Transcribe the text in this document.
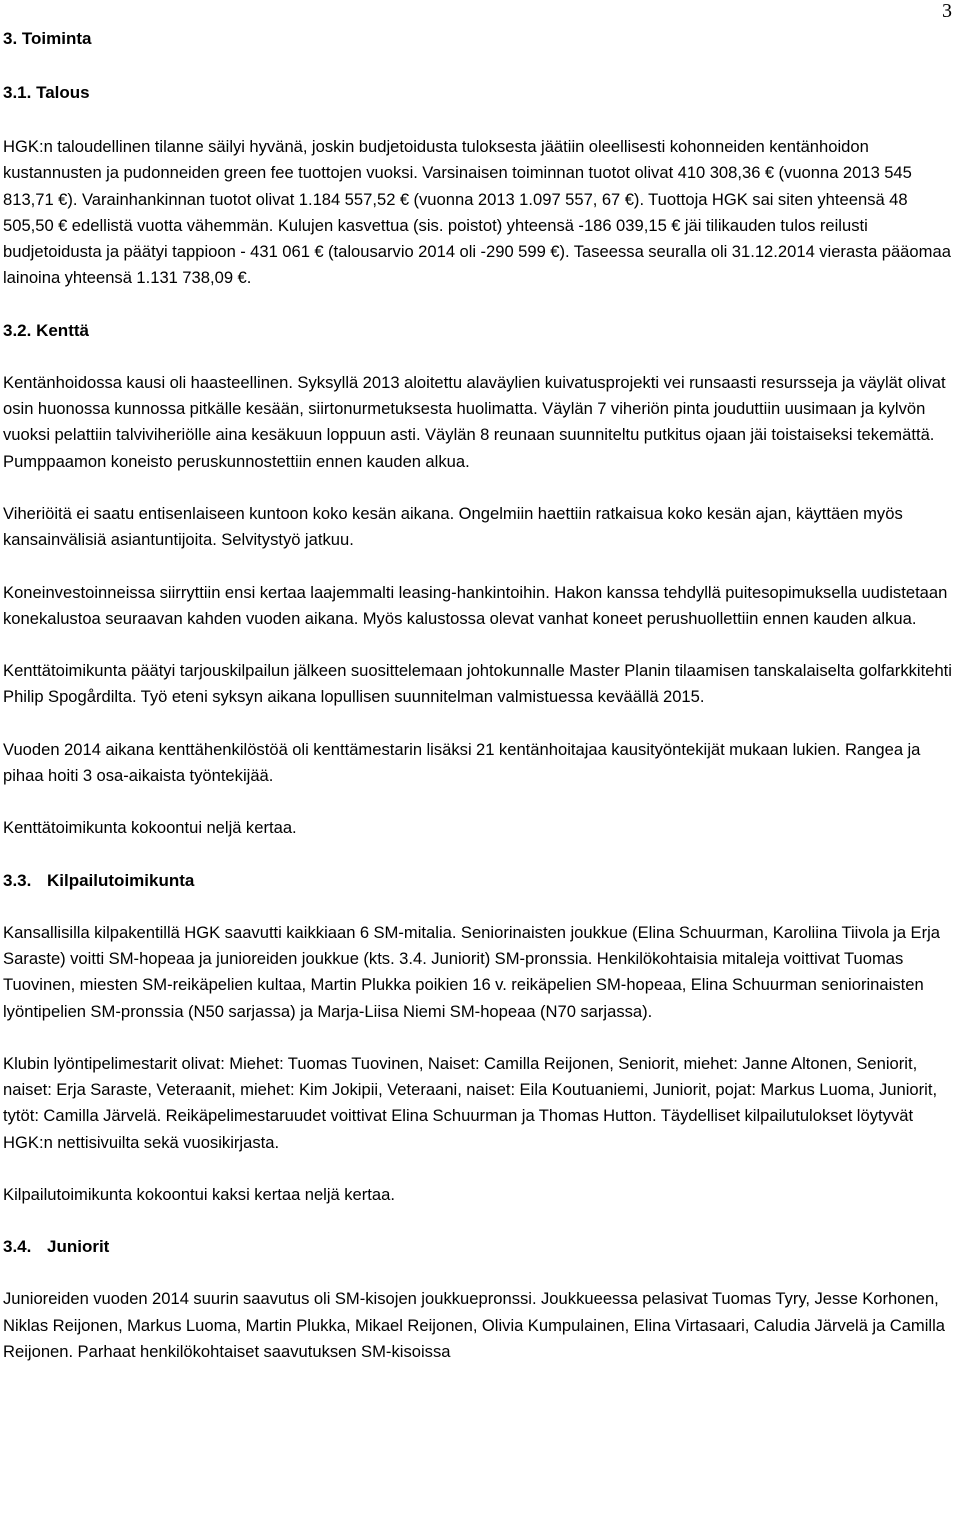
3
3. Toiminta
3.1. Talous

HGK:n taloudellinen tilanne säilyi hyvänä, joskin budjetoidusta tuloksesta jäätiin oleellisesti kohonneiden kentänhoidon kustannusten ja pudonneiden green fee tuottojen vuoksi. Varsinaisen toiminnan tuotot olivat 410 308,36 € (vuonna 2013 545 813,71 €). Varainhankinnan tuotot olivat 1.184 557,52 € (vuonna 2013 1.097 557, 67 €). Tuottoja HGK sai siten yhteensä 48 505,50 € edellistä vuotta vähemmän. Kulujen kasvettua (sis. poistot) yhteensä -186 039,15 € jäi tilikauden tulos reilusti budjetoidusta ja päätyi tappioon - 431 061 € (talousarvio 2014 oli -290 599 €). Taseessa seuralla oli 31.12.2014 vierasta pääomaa lainoina yhteensä 1.131 738,09 €.

3.2. Kenttä

Kentänhoidossa kausi oli haasteellinen. Syksyllä 2013 aloitettu alaväylien kuivatusprojekti vei runsaasti resursseja ja väylät olivat osin huonossa kunnossa pitkälle kesään, siirtonurmetuksesta huolimatta. Väylän 7 viheriön pinta jouduttiin uusimaan ja kylvön vuoksi pelattiin talviviheriölle aina kesäkuun loppuun asti. Väylän 8 reunaan suunniteltu putkitus ojaan jäi toistaiseksi tekemättä. Pumppaamon koneisto peruskunnostettiin ennen kauden alkua.

Viheriöitä ei saatu entisenlaiseen kuntoon koko kesän aikana. Ongelmiin haettiin ratkaisua koko kesän ajan, käyttäen myös kansainvälisiä asiantuntijoita. Selvitystyö jatkuu.

Koneinvestoinneissa siirryttiin ensi kertaa laajemmalti leasing-hankintoihin. Hakon kanssa tehdyllä puitesopimuksella uudistetaan konekalustoa seuraavan kahden vuoden aikana. Myös kalustossa olevat vanhat koneet perushuollettiin ennen kauden alkua.

Kenttätoimikunta päätyi tarjouskilpailun jälkeen suosittelemaan johtokunnalle Master Planin tilaamisen tanskalaiselta golfarkkitehti Philip Spogårdilta. Työ eteni syksyn aikana lopullisen suunnitelman valmistuessa keväällä 2015.

Vuoden 2014 aikana kenttähenkilöstöä oli kenttämestarin lisäksi 21 kentänhoitajaa kausityöntekijät mukaan lukien. Rangea ja pihaa hoiti 3 osa-aikaista työntekijää.

Kenttätoimikunta kokoontui neljä kertaa.

3.3. Kilpailutoimikunta

Kansallisilla kilpakentillä HGK saavutti kaikkiaan 6 SM-mitalia. Seniorinaisten joukkue (Elina Schuurman, Karoliina Tiivola ja Erja Saraste) voitti SM-hopeaa ja junioreiden joukkue (kts. 3.4. Juniorit) SM-pronssia. Henkilökohtaisia mitaleja voittivat Tuomas Tuovinen, miesten SM-reikäpelien kultaa, Martin Plukka poikien 16 v. reikäpelien SM-hopeaa, Elina Schuurman seniorinaisten lyöntipelien SM-pronssia (N50 sarjassa) ja Marja-Liisa Niemi SM-hopeaa (N70 sarjassa).

Klubin lyöntipelimestarit olivat: Miehet: Tuomas Tuovinen, Naiset: Camilla Reijonen, Seniorit, miehet: Janne Altonen, Seniorit, naiset: Erja Saraste, Veteraanit, miehet: Kim Jokipii, Veteraani, naiset: Eila Koutuaniemi, Juniorit, pojat: Markus Luoma, Juniorit, tytöt: Camilla Järvelä. Reikäpelimestaruudet voittivat Elina Schuurman ja Thomas Hutton. Täydelliset kilpailutulokset löytyvät HGK:n nettisivuilta sekä vuosikirjasta.

Kilpailutoimikunta kokoontui kaksi kertaa neljä kertaa.

3.4. Juniorit

Junioreiden vuoden 2014 suurin saavutus oli SM-kisojen joukkuepronssi. Joukkueessa pelasivat Tuomas Tyry, Jesse Korhonen, Niklas Reijonen, Markus Luoma, Martin Plukka, Mikael Reijonen, Olivia Kumpulainen, Elina Virtasaari, Caludia Järvelä ja Camilla Reijonen. Parhaat henkilökohtaiset saavutuksen SM-kisoissa
